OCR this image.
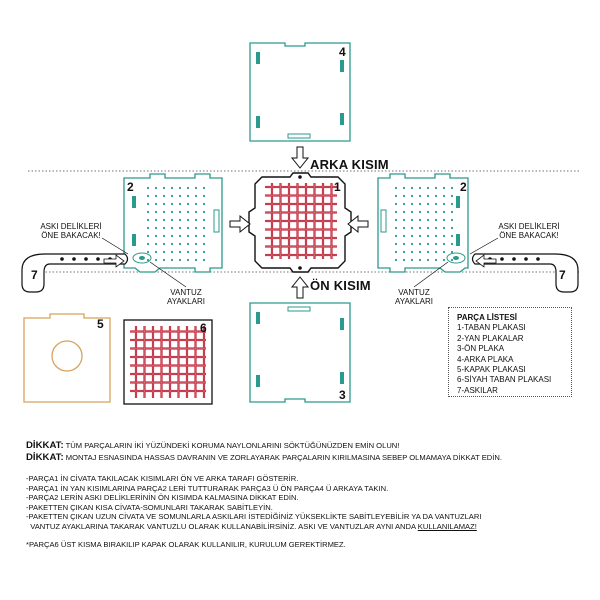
4
3
1
2	2
5	6
7	7
ARKA KISIM
ÖN KISIM
ASKI DELİKLERİ
ÖNE BAKACAK!
ASKI DELİKLERİ
ÖNE BAKACAK!
VANTUZ
AYAKLARI
VANTUZ
AYAKLARI
PARÇA LİSTESİ
1-TABAN PLAKASI
2-YAN PLAKALAR
3-ÖN PLAKA
4-ARKA PLAKA
5-KAPAK PLAKASI
6-SİYAH TABAN PLAKASI
7-ASKILAR
DİKKAT: TÜM PARÇALARIN İKİ YÜZÜNDEKİ KORUMA NAYLONLARINI SÖKTÜĞÜNÜZDEN EMİN OLUN!
DİKKAT: MONTAJ ESNASINDA HASSAS DAVRANIN VE ZORLAYARAK PARÇALARIN KIRILMASINA SEBEP OLMAMAYA DİKKAT EDİN.
-PARÇA1 İN CİVATA TAKILACAK KISIMLARI ÖN VE ARKA TARAFI GÖSTERİR.
-PARÇA1 İN YAN KISIMLARINA PARÇA2 LERİ TUTTURARAK PARÇA3 Ü ÖN PARÇA4 Ü ARKAYA TAKIN.
-PARÇA2 LERİN ASKI DELİKLERİNİN ÖN KISIMDA KALMASINA DİKKAT EDİN.
-PAKETTEN ÇIKAN KISA CİVATA-SOMUNLARI TAKARAK SABİTLEYİN.
-PAKETTEN ÇIKAN UZUN CİVATA VE SOMUNLARLA ASKILARI İSTEDİĞİNİZ YÜKSEKLİKTE SABİTLEYEBİLİR YA DA VANTUZLARI
VANTUZ AYAKLARINA TAKARAK VANTUZLU OLARAK KULLANABİLİRSİNİZ. ASKI VE VANTUZLAR AYNI ANDA KULLANILAMAZ!
*PARÇA6 ÜST KISMA BIRAKILIP KAPAK OLARAK KULLANILIR, KURULUM GEREKTİRMEZ.
